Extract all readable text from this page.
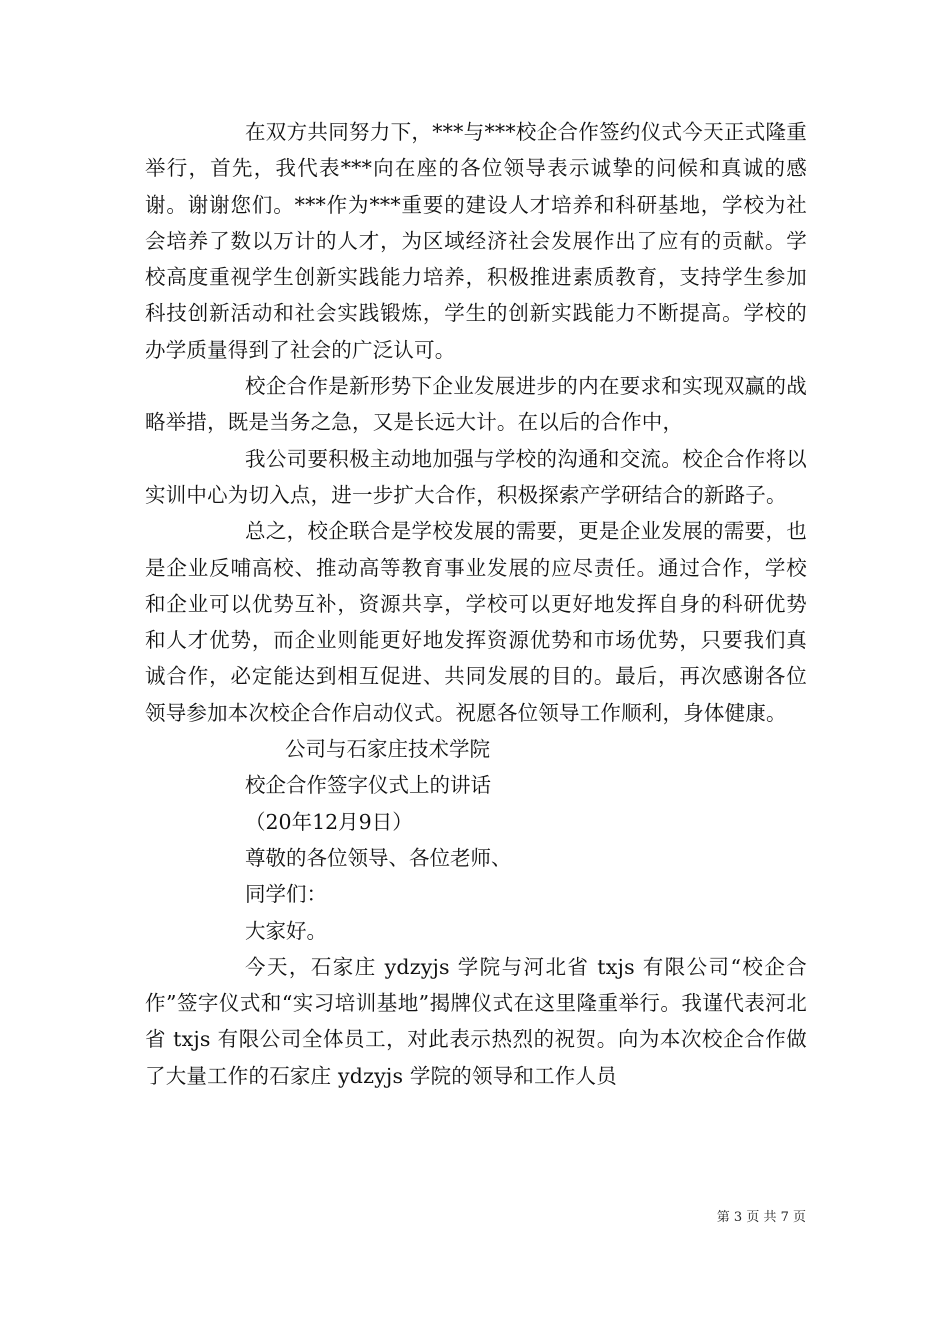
在双方共同努力下，***与***校企合作签约仪式今天正式隆重举行，首先，我代表***向在座的各位领导表示诚挚的问候和真诚的感谢。谢谢您们。***作为***重要的建设人才培养和科研基地，学校为社会培养了数以万计的人才，为区域经济社会发展作出了应有的贡献。学校高度重视学生创新实践能力培养，积极推进素质教育，支持学生参加科技创新活动和社会实践锻炼，学生的创新实践能力不断提高。学校的办学质量得到了社会的广泛认可。

校企合作是新形势下企业发展进步的内在要求和实现双赢的战略举措，既是当务之急，又是长远大计。在以后的合作中，

我公司要积极主动地加强与学校的沟通和交流。校企合作将以实训中心为切入点，进一步扩大合作，积极探索产学研结合的新路子。

总之，校企联合是学校发展的需要，更是企业发展的需要，也是企业反哺高校、推动高等教育事业发展的应尽责任。通过合作，学校和企业可以优势互补，资源共享，学校可以更好地发挥自身的科研优势和人才优势，而企业则能更好地发挥资源优势和市场优势，只要我们真诚合作，必定能达到相互促进、共同发展的目的。最后，再次感谢各位领导参加本次校企合作启动仪式。祝愿各位领导工作顺利，身体健康。

公司与石家庄技术学院

校企合作签字仪式上的讲话

（20年12月9日）

尊敬的各位领导、各位老师、

同学们：

大家好。

今天，石家庄 ydzyjs 学院与河北省 txjs 有限公司“校企合作”签字仪式和“实习培训基地”揭牌仪式在这里隆重举行。我谨代表河北省 txjs 有限公司全体员工，对此表示热烈的祝贺。向为本次校企合作做了大量工作的石家庄 ydzyjs 学院的领导和工作人员

第 3 页 共 7 页
